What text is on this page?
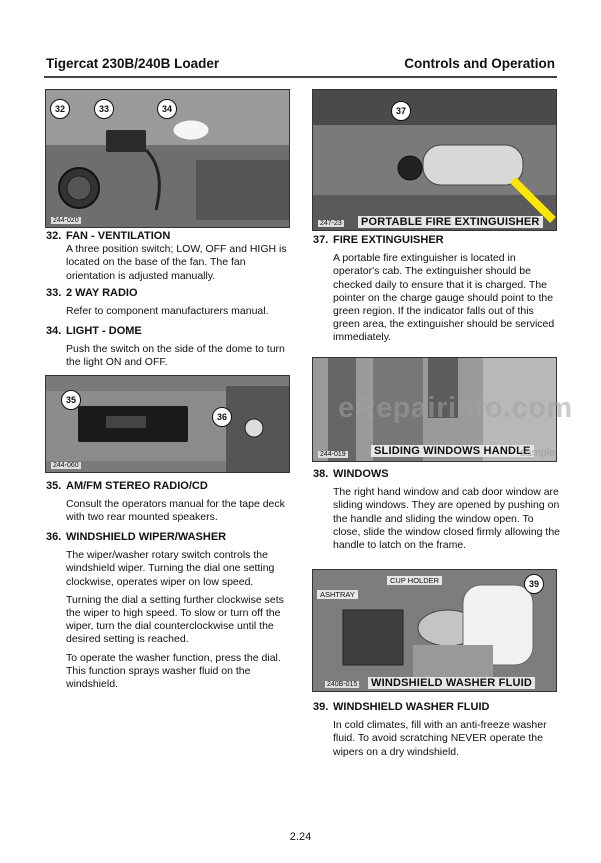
Tigercat 230B/240B Loader	Controls and Operation
32	33	34
244-020
37
247-23 PORTABLE FIRE EXTINGUISHER
32. FAN - VENTILATION

A three position switch; LOW, OFF and HIGH is located on the base of the fan. The fan orientation is adjusted manually.

33. 2 WAY RADIO

Refer to component manufacturers manual.

34. LIGHT - DOME

Push the switch on the side of the dome to turn the light ON and OFF.

37. FIRE EXTINGUISHER

A portable fire extinguisher is located in operator's cab. The extinguisher should be checked daily to ensure that it is charged. The pointer on the charge gauge should point to the green region. If the indicator falls out of this green area, the extinguisher should be serviced immediately.

35
36
244-060
244-019	SLIDING WINDOWS HANDLE
35. AM/FM STEREO RADIO/CD

Consult the operators manual for the tape deck with two rear mounted speakers.

36. WINDSHIELD WIPER/WASHER

The wiper/washer rotary switch controls the windshield wiper. Turning the dial one setting clockwise, operates wiper on low speed.

Turning the dial a setting further clockwise sets the wiper to high speed. To slow or turn off the wiper, turn the dial counterclockwise until the desired setting is reached.

To operate the washer function, press the dial. This function sprays washer fluid on the windshield.

38. WINDOWS

The right hand window and cab door window are sliding windows. They are opened by pushing on the handle and sliding the window open. To close, slide the window closed firmly allowing the handle to latch on the frame.

CUP HOLDER
ASHTRAY
39
240B-015 WINDSHIELD WASHER FLUID
39. WINDSHIELD WASHER FLUID

In cold climates, fill with an anti-freeze washer fluid. To avoid scratching NEVER operate the wipers on a dry windshield.

eRepairinfo.com
sample
2.24
